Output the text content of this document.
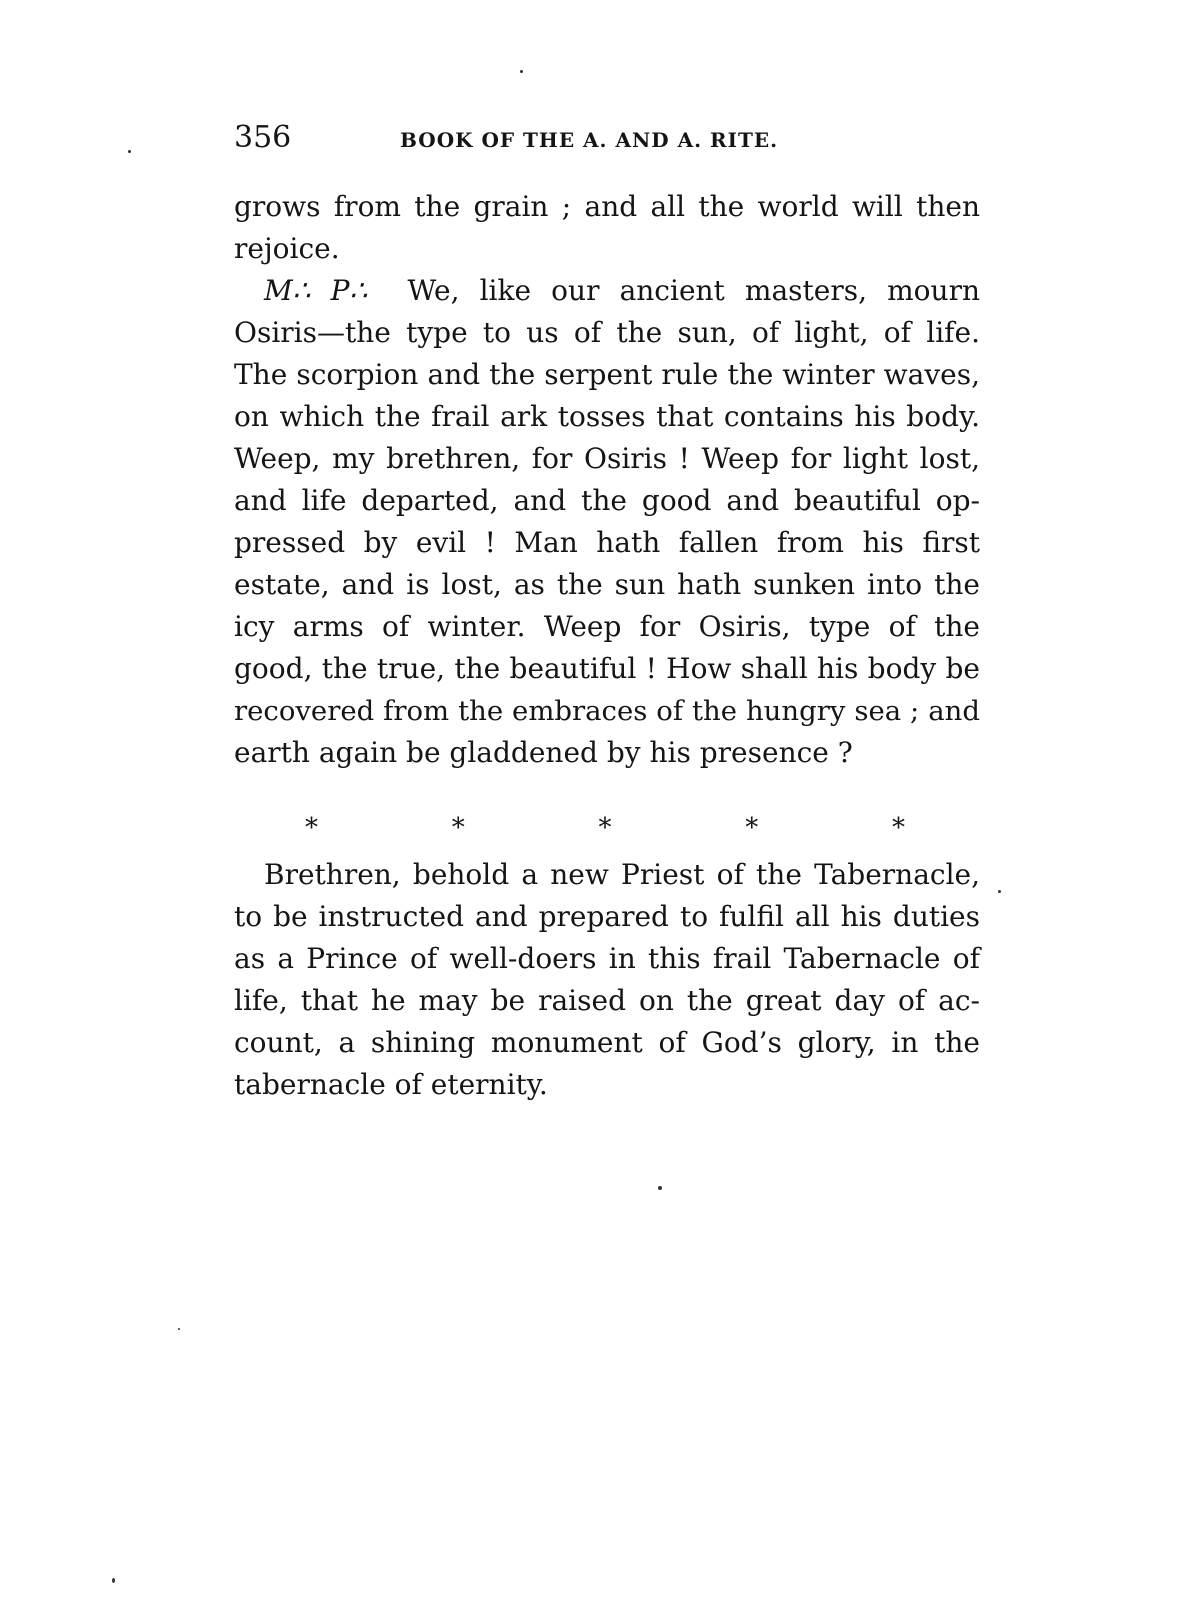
356	BOOK OF THE A. AND A. RITE.
grows from the grain ; and all the world will then
rejoice.
M∴ P∴ We, like our ancient masters, mourn
Osiris—the type to us of the sun, of light, of life.
The scorpion and the serpent rule the winter waves,
on which the frail ark tosses that contains his body.
Weep, my brethren, for Osiris ! Weep for light lost,
and life departed, and the good and beautiful op-
pressed by evil ! Man hath fallen from his first
estate, and is lost, as the sun hath sunken into the
icy arms of winter. Weep for Osiris, type of the
good, the true, the beautiful ! How shall his body be
recovered from the embraces of the hungry sea ; and
earth again be gladdened by his presence ?
*	*	*	*	*
Brethren, behold a new Priest of the Tabernacle,
to be instructed and prepared to fulfil all his duties
as a Prince of well-doers in this frail Tabernacle of
life, that he may be raised on the great day of ac-
count, a shining monument of God’s glory, in the
tabernacle of eternity.
